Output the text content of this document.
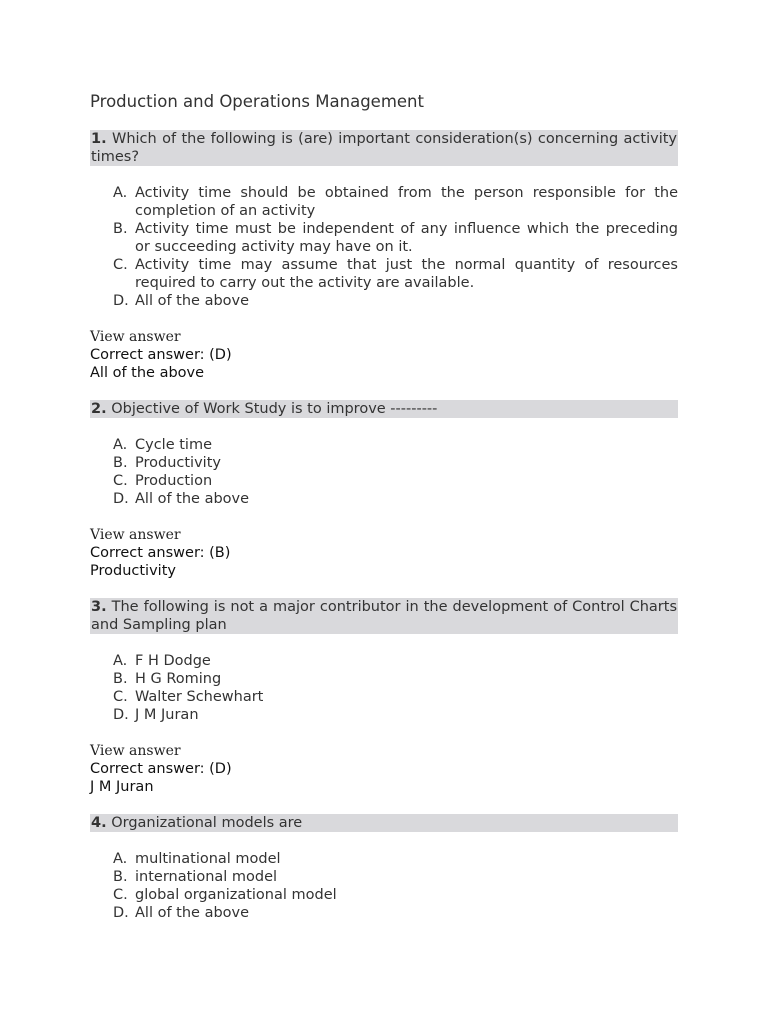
Production and Operations Management

1. Which of the following is (are) important consideration(s) concerning activity times?

A. Activity time should be obtained from the person responsible for the completion of an activity
B. Activity time must be independent of any influence which the preceding or succeeding activity may have on it.
C. Activity time may assume that just the normal quantity of resources required to carry out the activity are available.
D. All of the above

View answer

Correct answer: (D)

All of the above

2. Objective of Work Study is to improve ---------

A. Cycle time
B. Productivity
C. Production
D. All of the above

View answer

Correct answer: (B)

Productivity

3. The following is not a major contributor in the development of Control Charts and Sampling plan

A. F H Dodge
B. H G Roming
C. Walter Schewhart
D. J M Juran

View answer

Correct answer: (D)

J M Juran

4. Organizational models are

A. multinational model
B. international model
C. global organizational model
D. All of the above
